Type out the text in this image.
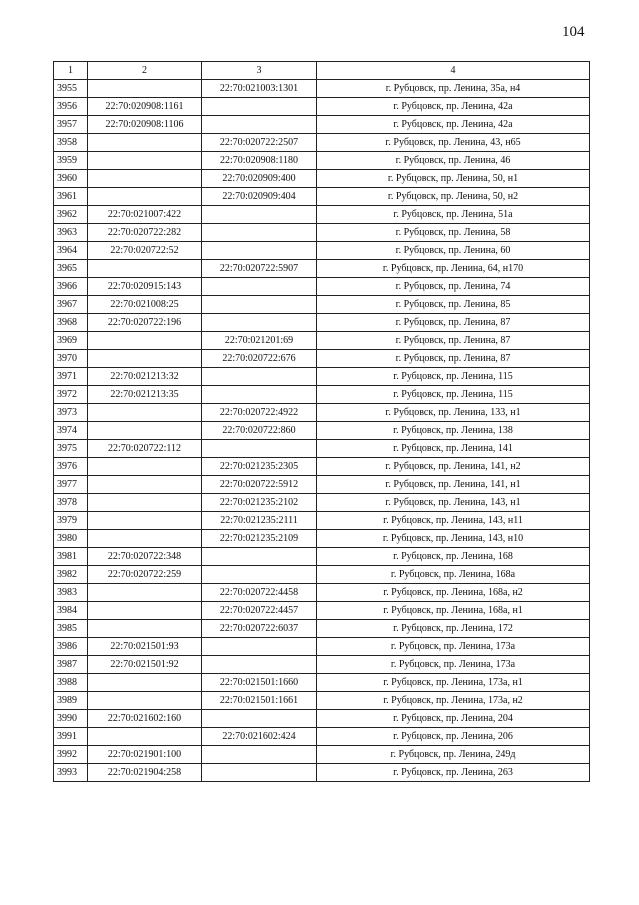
104
1	2	3	4
3955		22:70:021003:1301	г. Рубцовск, пр. Ленина, 35а, н4
3956	22:70:020908:1161		г. Рубцовск, пр. Ленина, 42а
3957	22:70:020908:1106		г. Рубцовск, пр. Ленина, 42а
3958		22:70:020722:2507	г. Рубцовск, пр. Ленина, 43, н65
3959		22:70:020908:1180	г. Рубцовск, пр. Ленина, 46
3960		22:70:020909:400	г. Рубцовск, пр. Ленина, 50, н1
3961		22:70:020909:404	г. Рубцовск, пр. Ленина, 50, н2
3962	22:70:021007:422		г. Рубцовск, пр. Ленина, 51а
3963	22:70:020722:282		г. Рубцовск, пр. Ленина, 58
3964	22:70:020722:52		г. Рубцовск, пр. Ленина, 60
3965		22:70:020722:5907	г. Рубцовск, пр. Ленина, 64, н170
3966	22:70:020915:143		г. Рубцовск, пр. Ленина, 74
3967	22:70:021008:25		г. Рубцовск, пр. Ленина, 85
3968	22:70:020722:196		г. Рубцовск, пр. Ленина, 87
3969		22:70:021201:69	г. Рубцовск, пр. Ленина, 87
3970		22:70:020722:676	г. Рубцовск, пр. Ленина, 87
3971	22:70:021213:32		г. Рубцовск, пр. Ленина, 115
3972	22:70:021213:35		г. Рубцовск, пр. Ленина, 115
3973		22:70:020722:4922	г. Рубцовск, пр. Ленина, 133, н1
3974		22:70:020722:860	г. Рубцовск, пр. Ленина, 138
3975	22:70:020722:112		г. Рубцовск, пр. Ленина, 141
3976		22:70:021235:2305	г. Рубцовск, пр. Ленина, 141, н2
3977		22:70:020722:5912	г. Рубцовск, пр. Ленина, 141, н1
3978		22:70:021235:2102	г. Рубцовск, пр. Ленина, 143, н1
3979		22:70:021235:2111	г. Рубцовск, пр. Ленина, 143, н11
3980		22:70:021235:2109	г. Рубцовск, пр. Ленина, 143, н10
3981	22:70:020722:348		г. Рубцовск, пр. Ленина, 168
3982	22:70:020722:259		г. Рубцовск, пр. Ленина, 168а
3983		22:70:020722:4458	г. Рубцовск, пр. Ленина, 168а, н2
3984		22:70:020722:4457	г. Рубцовск, пр. Ленина, 168а, н1
3985		22:70:020722:6037	г. Рубцовск, пр. Ленина, 172
3986	22:70:021501:93		г. Рубцовск, пр. Ленина, 173а
3987	22:70:021501:92		г. Рубцовск, пр. Ленина, 173а
3988		22:70:021501:1660	г. Рубцовск, пр. Ленина, 173а, н1
3989		22:70:021501:1661	г. Рубцовск, пр. Ленина, 173а, н2
3990	22:70:021602:160		г. Рубцовск, пр. Ленина, 204
3991		22:70:021602:424	г. Рубцовск, пр. Ленина, 206
3992	22:70:021901:100		г. Рубцовск, пр. Ленина, 249д
3993	22:70:021904:258		г. Рубцовск, пр. Ленина, 263
